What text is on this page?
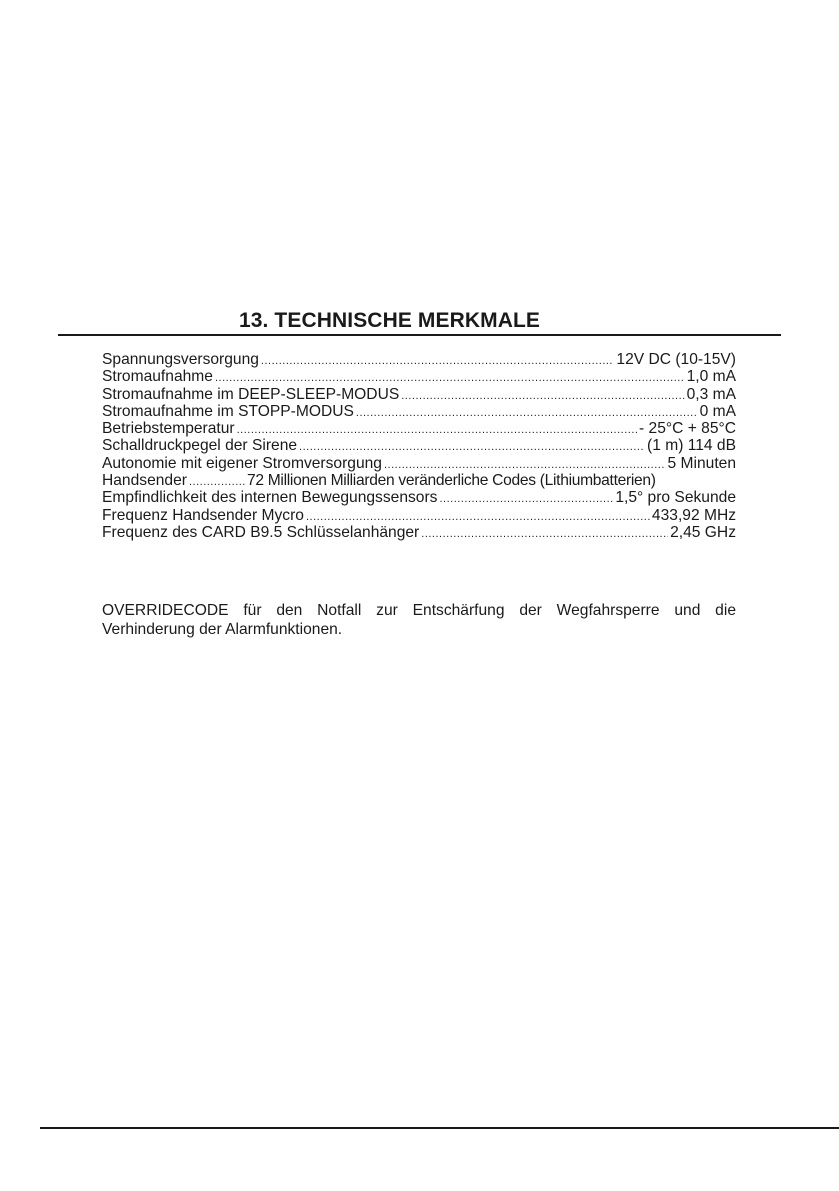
13. TECHNISCHE MERKMALE
Spannungsversorgung .....	12V DC (10-15V)
Stromaufnahme .....	1,0 mA
Stromaufnahme im DEEP-SLEEP-MODUS .....	0,3 mA
Stromaufnahme im STOPP-MODUS .....	0 mA
Betriebstemperatur .....	- 25°C + 85°C
Schalldruckpegel der Sirene .....	(1 m) 114 dB
Autonomie mit eigener Stromversorgung .....	5 Minuten
Handsender .....	72 Millionen Milliarden veränderliche Codes (Lithiumbatterien)
Empfindlichkeit des internen Bewegungssensors .....	1,5° pro Sekunde
Frequenz Handsender Mycro .....	433,92 MHz
Frequenz des CARD B9.5 Schlüsselanhänger .....	2,45 GHz
OVERRIDECODE für den Notfall zur Entschärfung der Wegfahrsperre und die Verhinderung der Alarmfunktionen.
